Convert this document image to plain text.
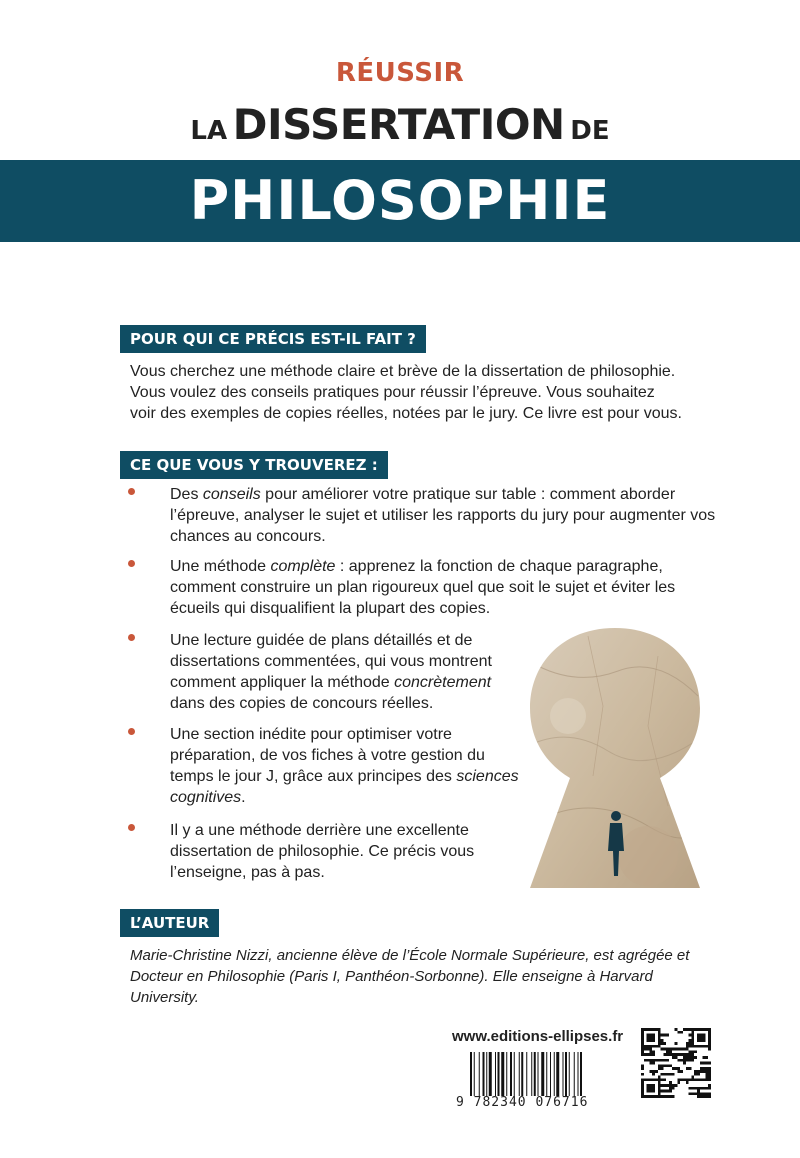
RÉUSSIR
LA DISSERTATION DE
PHILOSOPHIE
POUR QUI CE PRÉCIS EST-IL FAIT ?
Vous cherchez une méthode claire et brève de la dissertation de philosophie.
Vous voulez des conseils pratiques pour réussir l’épreuve. Vous souhaitez
voir des exemples de copies réelles, notées par le jury. Ce livre est pour vous.
CE QUE VOUS Y TROUVEREZ :
Des conseils pour améliorer votre pratique sur table : comment aborder l’épreuve, analyser le sujet et utiliser les rapports du jury pour augmenter vos chances au concours.
Une méthode complète : apprenez la fonction de chaque paragraphe, comment construire un plan rigoureux quel que soit le sujet et éviter les écueils qui disqualifient la plupart des copies.
Une lecture guidée de plans détaillés et de dissertations commentées, qui vous montrent comment appliquer la méthode concrètement dans des copies de concours réelles.
Une section inédite pour optimiser votre préparation, de vos fiches à votre gestion du temps le jour J, grâce aux principes des sciences cognitives.
Il y a une méthode derrière une excellente dissertation de philosophie. Ce précis vous l’enseigne, pas à pas.
L’AUTEUR
Marie-Christine Nizzi, ancienne élève de l’École Normale Supérieure, est agrégée et Docteur en Philosophie (Paris I, Panthéon-Sorbonne). Elle enseigne à Harvard University.
www.editions-ellipses.fr
9 782340 076716
